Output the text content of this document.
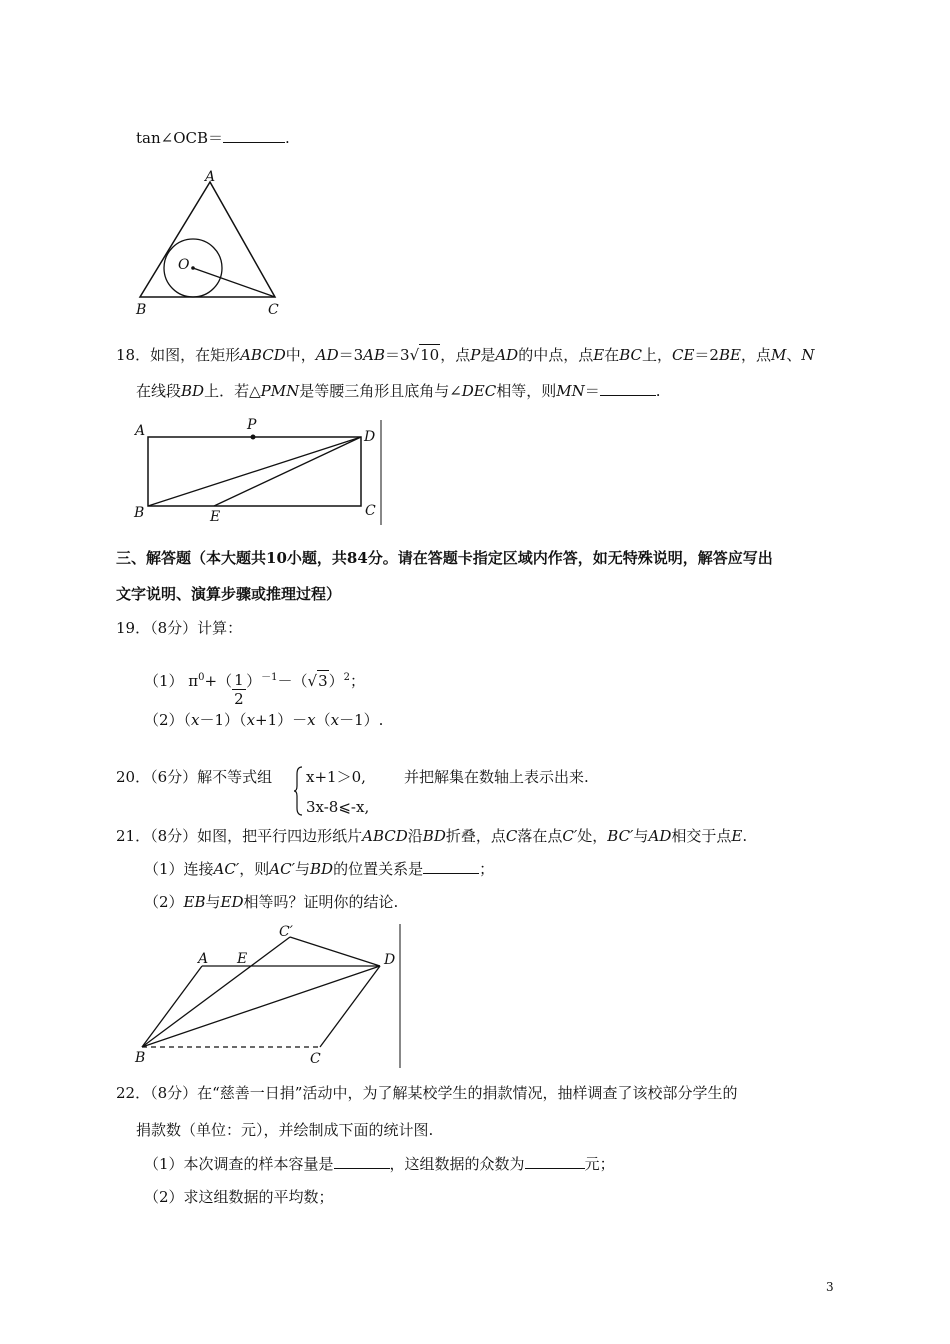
tan∠OCB＝	.
A
O
B	C
18．如图，在矩形ABCD中，AD＝3AB＝3√10，点P是AD的中点，点E在BC上，CE＝2BE，点M、N
在线段BD上．若△PMN是等腰三角形且底角与∠DEC相等，则MN＝	.
A	P
D
B	E	C
三、解答题（本大题共10小题，共84分。请在答题卡指定区域内作答，如无特殊说明，解答应写出
文字说明、演算步骤或推理过程）
19．（8分）计算：
（1） $\pi^0+( \frac{1}{2} )^{-1}-(√3)^2$；
（2）（x－1）（x+1）－x（x－1）.
20．（6分）解不等式组 x+1＞0,
3x-8⩽-x,
并把解集在数轴上表示出来.
21．（8分）如图，把平行四边形纸片ABCD沿BD折叠，点C落在点C′处，BC′与AD相交于点E.
（1）连接AC′，则AC′与BD的位置关系是	；
（2）EB与ED相等吗？证明你的结论.
C′
A E	D
B	C
22．（8分）在“慈善一日捐”活动中，为了解某校学生的捐款情况，抽样调查了该校部分学生的
捐款数（单位：元），并绘制成下面的统计图.
（1）本次调查的样本容量是	，这组数据的众数为	元；
（2）求这组数据的平均数；
3
